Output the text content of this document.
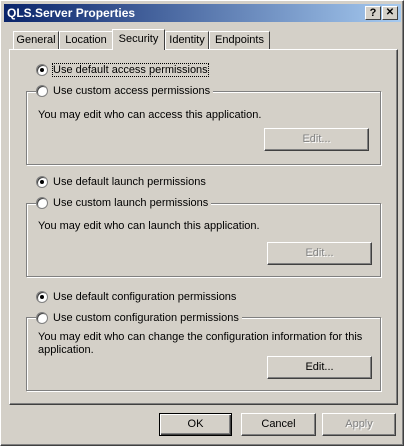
QLS.Server Properties	? ✕
General Location	Security Identity Endpoints
Use default access permissions
You may edit who can access this application.
Edit...
Use custom access permissions
Use default launch permissions
You may edit who can launch this application.
Edit...
Use custom launch permissions
Use default configuration permissions
You may edit who can change the configuration information for this application.
Edit...
Use custom configuration permissions
OK	Cancel	Apply
